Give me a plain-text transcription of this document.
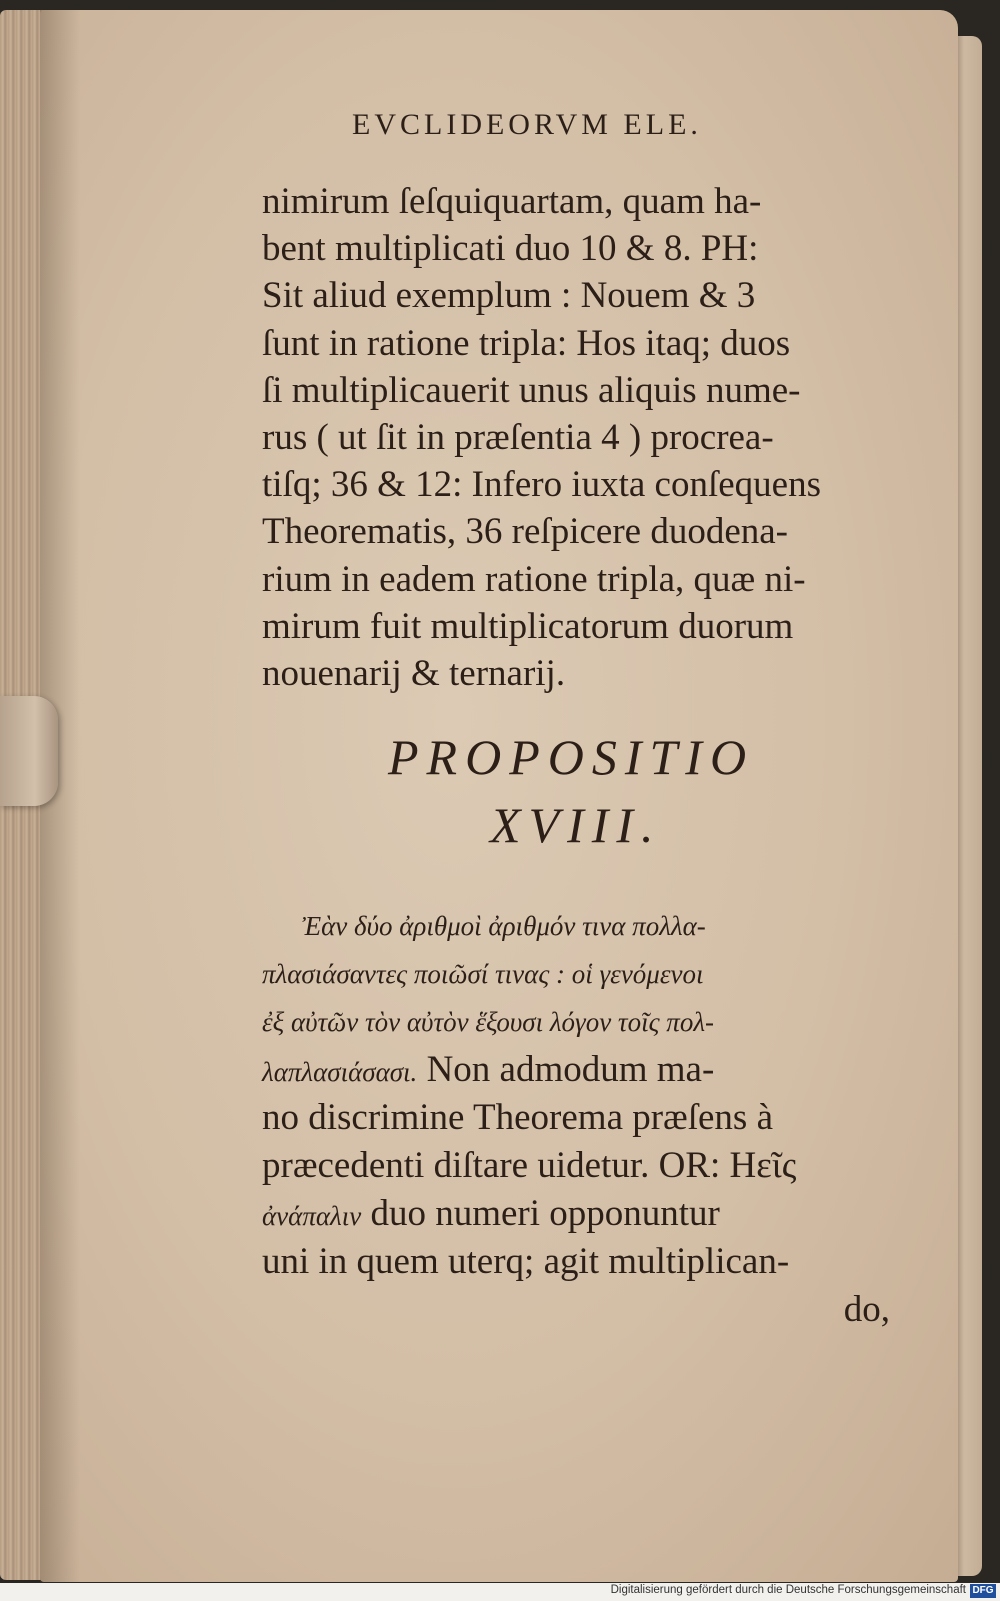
EVCLIDEORVM ELE.
nimirum ſeſquiquartam, quam ha‑
bent multiplicati duo 10 & 8. PH:
Sit aliud exemplum : Nouem & 3
ſunt in ratione tripla: Hos itaq; duos
ſi multiplicauerit unus aliquis nume‑
rus ( ut ſit in præſentia 4 ) procrea‑
tiſq; 36 & 12: Infero iuxta conſequens
Theorematis, 36 reſpicere duodena‑
rium in eadem ratione tripla, quæ ni‑
mirum fuit multiplicatorum duorum
nouenarij & ternarij.
PROPOSITIO
XVIII.
Ἐὰν δύο ἀριθμοὶ ἀριθμόν τινα πολλα‑
πλασιάσαντες ποιῶσί τινας : οἱ γενόμενοι
ἐξ αὐτῶν τὸν αὐτὸν ἕξουσι λόγον τοῖς πολ‑
λαπλασιάσασι. Non admodum ma‑
no discrimine Theorema præſens à
præcedenti diſtare uidetur. OR: Hεῖς
ἀνάπαλιν duo numeri opponuntur
uni in quem uterq; agit multiplican‑
do,
Digitalisierung gefördert durch die Deutsche Forschungsgemeinschaft DFG
